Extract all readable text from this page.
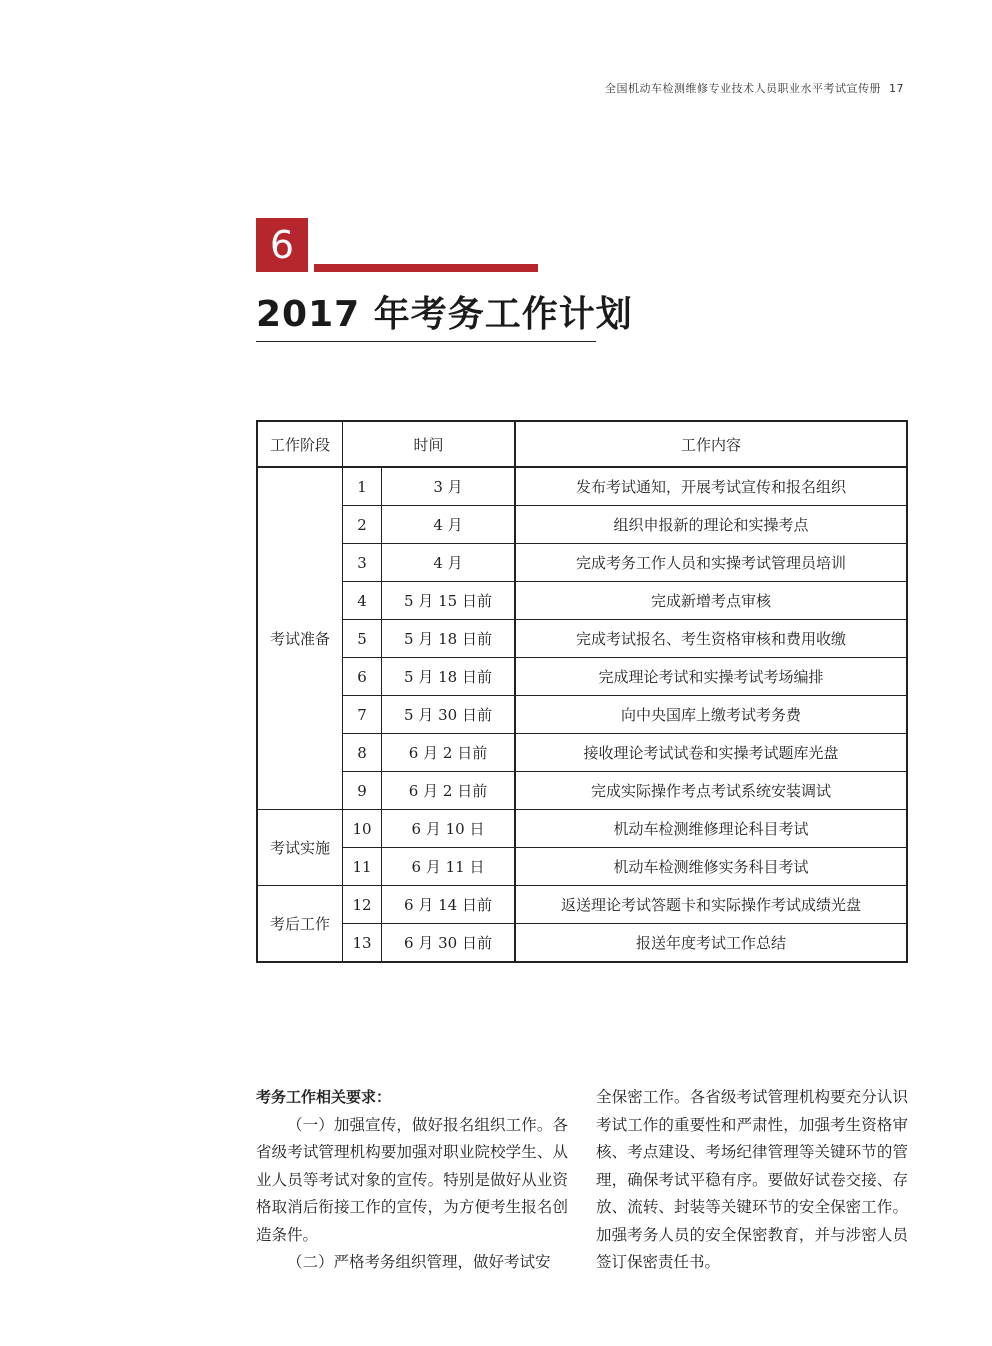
全国机动车检测维修专业技术人员职业水平考试宣传册 17
6
2017 年考务工作计划
工作阶段	时间		工作内容
考试准备	1	3 月	发布考试通知，开展考试宣传和报名组织
	2	4 月	组织申报新的理论和实操考点
	3	4 月	完成考务工作人员和实操考试管理员培训
	4	5 月 15 日前	完成新增考点审核
	5	5 月 18 日前	完成考试报名、考生资格审核和费用收缴
	6	5 月 18 日前	完成理论考试和实操考试考场编排
	7	5 月 30 日前	向中央国库上缴考试考务费
	8	6 月 2 日前	接收理论考试试卷和实操考试题库光盘
	9	6 月 2 日前	完成实际操作考点考试系统安装调试
考试实施	10	6 月 10 日	机动车检测维修理论科目考试
	11	6 月 11 日	机动车检测维修实务科目考试
考后工作	12	6 月 14 日前	返送理论考试答题卡和实际操作考试成绩光盘
	13	6 月 30 日前	报送年度考试工作总结
考务工作相关要求：
（一）加强宣传，做好报名组织工作。各省级考试管理机构要加强对职业院校学生、从业人员等考试对象的宣传。特别是做好从业资格取消后衔接工作的宣传，为方便考生报名创造条件。
（二）严格考务组织管理，做好考试安
全保密工作。各省级考试管理机构要充分认识考试工作的重要性和严肃性，加强考生资格审核、考点建设、考场纪律管理等关键环节的管理，确保考试平稳有序。要做好试卷交接、存放、流转、封装等关键环节的安全保密工作。加强考务人员的安全保密教育，并与涉密人员签订保密责任书。
